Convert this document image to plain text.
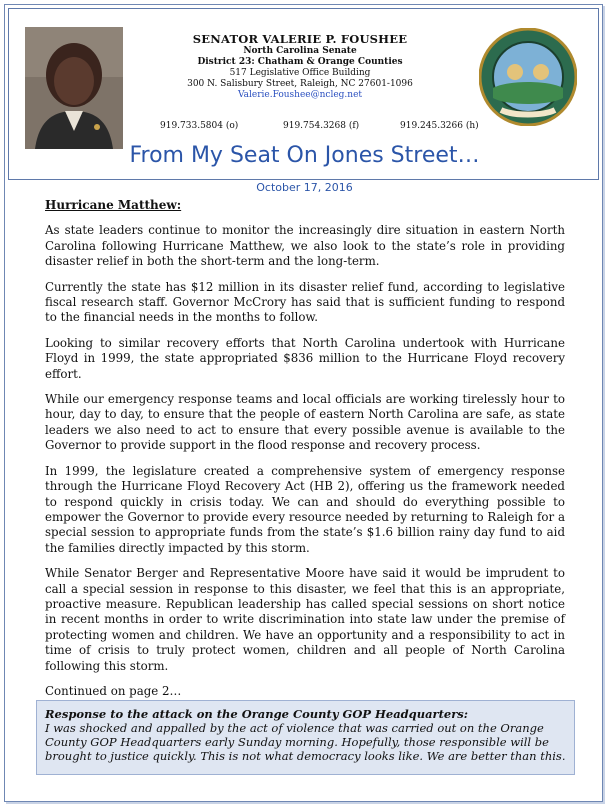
SENATOR VALERIE P. FOUSHEE
North Carolina Senate
District 23: Chatham & Orange Counties
517 Legislative Office Building
300 N. Salisbury Street, Raleigh, NC 27601-1096
Valerie.Foushee@ncleg.net
919.733.5804 (o)	919.754.3268 (f)	919.245.3266 (h)
From My Seat On Jones Street…
October 17, 2016
Hurricane Matthew:

As state leaders continue to monitor the increasingly dire situation in eastern North Carolina following Hurricane Matthew, we also look to the state’s role in providing disaster relief in both the short-term and the long-term.

Currently the state has $12 million in its disaster relief fund, according to legislative fiscal research staff. Governor McCrory has said that is sufficient funding to respond to the financial needs in the months to follow.

Looking to similar recovery efforts that North Carolina undertook with Hurricane Floyd in 1999, the state appropriated $836 million to the Hurricane Floyd recovery effort.

While our emergency response teams and local officials are working tirelessly hour to hour, day to day, to ensure that the people of eastern North Carolina are safe, as state leaders we also need to act to ensure that every possible avenue is available to the Governor to provide support in the flood response and recovery process.

In 1999, the legislature created a comprehensive system of emergency response through the Hurricane Floyd Recovery Act (HB 2), offering us the framework needed to respond quickly in crisis today. We can and should do everything possible to empower the Governor to provide every resource needed by returning to Raleigh for a special session to appropriate funds from the state’s $1.6 billion rainy day fund to aid the families directly impacted by this storm.

While Senator Berger and Representative Moore have said it would be imprudent to call a special session in response to this disaster, we feel that this is an appropriate, proactive measure. Republican leadership has called special sessions on short notice in recent months in order to write discrimination into state law under the premise of protecting women and children. We have an opportunity and a responsibility to act in time of crisis to truly protect women, children and all people of North Carolina following this storm.

Continued on page 2…

Response to the attack on the Orange County GOP Headquarters:
I was shocked and appalled by the act of violence that was carried out on the Orange County GOP Headquarters early Sunday morning. Hopefully, those responsible will be brought to justice quickly. This is not what democracy looks like. We are better than this.
